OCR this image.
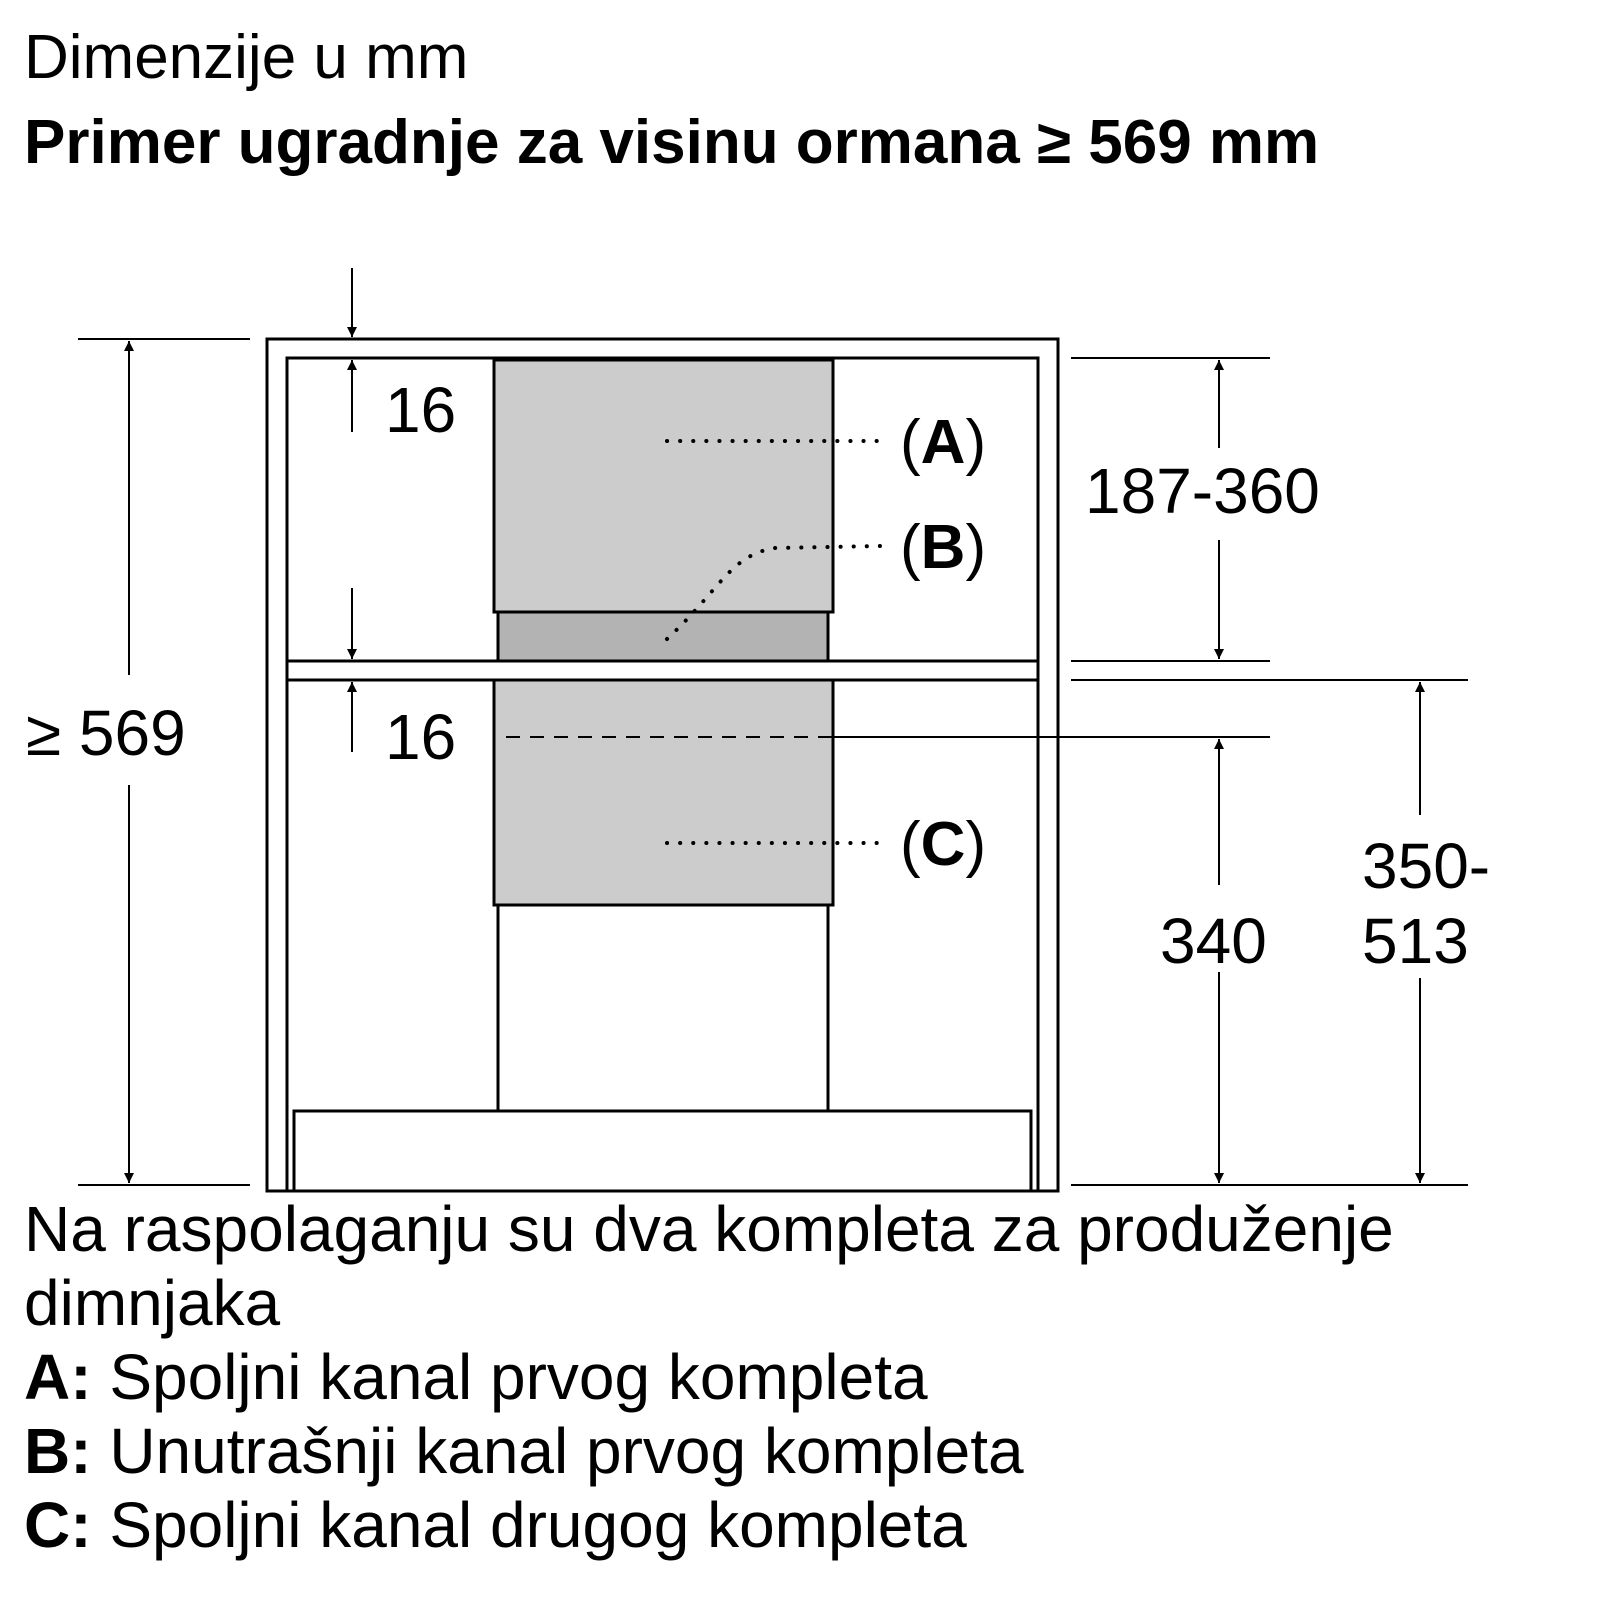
Dimenzije u mm
Primer ugradnje za visinu ormana ≥ 569 mm
16
16
≥ 569
187-360
340
350-
513
(A)
(B)
(C)

Na raspolaganju su dva kompleta za produženje dimnjaka

A: Spoljni kanal prvog kompleta

B: Unutrašnji kanal prvog kompleta

C: Spoljni kanal drugog kompleta
